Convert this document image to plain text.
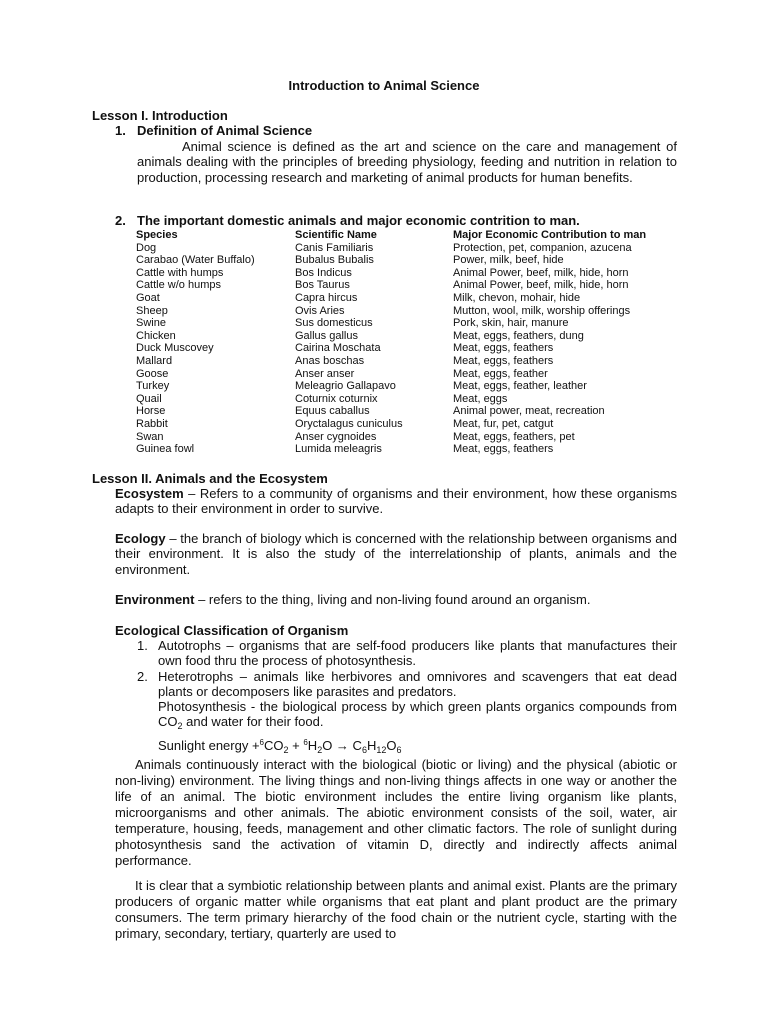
Introduction to Animal Science
Lesson I. Introduction
1. Definition of Animal Science
Animal science is defined as the art and science on the care and management of animals dealing with the principles of breeding physiology, feeding and nutrition in relation to production, processing research and marketing of animal products for human benefits.
2. The important domestic animals and major economic contrition to man.
Species	Scientific Name	Major Economic Contribution to man
Dog	Canis Familiaris	Protection, pet, companion, azucena
Carabao (Water Buffalo)	Bubalus Bubalis	Power, milk, beef, hide
Cattle with humps	Bos Indicus	Animal Power, beef, milk, hide, horn
Cattle w/o humps	Bos Taurus	Animal Power, beef, milk, hide, horn
Goat	Capra hircus	Milk, chevon, mohair, hide
Sheep	Ovis Aries	Mutton, wool, milk, worship offerings
Swine	Sus domesticus	Pork, skin, hair, manure
Chicken	Gallus gallus	Meat, eggs, feathers, dung
Duck Muscovey	Cairina Moschata	Meat, eggs, feathers
Mallard	Anas boschas	Meat, eggs, feathers
Goose	Anser anser	Meat, eggs, feather
Turkey	Meleagrio Gallapavo	Meat, eggs, feather, leather
Quail	Coturnix coturnix	Meat, eggs
Horse	Equus caballus	Animal power, meat, recreation
Rabbit	Oryctalagus cuniculus	Meat, fur, pet, catgut
Swan	Anser cygnoides	Meat, eggs, feathers, pet
Guinea fowl	Lumida meleagris	Meat, eggs, feathers
Lesson II. Animals and the Ecosystem
Ecosystem – Refers to a community of organisms and their environment, how these organisms adapts to their environment in order to survive.
Ecology – the branch of biology which is concerned with the relationship between organisms and their environment. It is also the study of the interrelationship of plants, animals and the environment.
Environment – refers to the thing, living and non-living found around an organism.
Ecological Classification of Organism
1. Autotrophs – organisms that are self-food producers like plants that manufactures their own food thru the process of photosynthesis.
2. Heterotrophs – animals like herbivores and omnivores and scavengers that eat dead plants or decomposers like parasites and predators.
Photosynthesis - the biological process by which green plants organics compounds from $CO_2$ and water for their food.
Sunlight energy $+^6CO_2 + ^6H_2O \to C_6H_{12}O_6$
Animals continuously interact with the biological (biotic or living) and the physical (abiotic or non-living) environment. The living things and non-living things affects in one way or another the life of an animal. The biotic environment includes the entire living organism like plants, microorganisms and other animals. The abiotic environment consists of the soil, water, air temperature, housing, feeds, management and other climatic factors. The role of sunlight during photosynthesis sand the activation of vitamin D, directly and indirectly affects animal performance.
It is clear that a symbiotic relationship between plants and animal exist. Plants are the primary producers of organic matter while organisms that eat plant and plant product are the primary consumers. The term primary hierarchy of the food chain or the nutrient cycle, starting with the primary, secondary, tertiary, quarterly are used to
